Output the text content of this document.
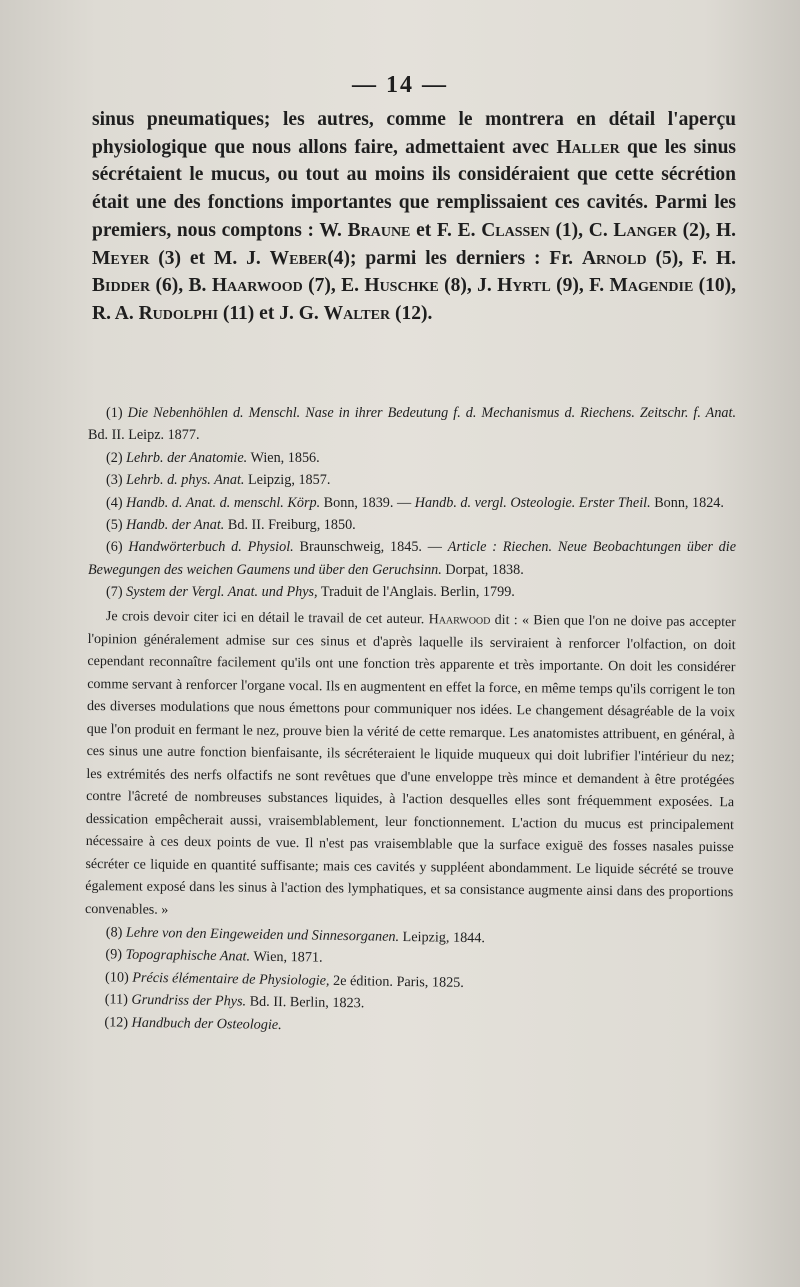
— 14 —

sinus pneumatiques; les autres, comme le montrera en détail l'aperçu physiologique que nous allons faire, admettaient avec Haller que les sinus sécrétaient le mucus, ou tout au moins ils considéraient que cette sécrétion était une des fonctions importantes que remplissaient ces cavités. Parmi les premiers, nous comptons : W. Braune et F. E. Classen (1), C. Langer (2), H. Meyer (3) et M. J. Weber(4); parmi les derniers : Fr. Arnold (5), F. H. Bidder (6), B. Haarwood (7), E. Huschke (8), J. Hyrtl (9), F. Magendie (10), R. A. Rudolphi (11) et J. G. Walter (12).

(1) Die Nebenhöhlen d. Menschl. Nase in ihrer Bedeutung f. d. Mechanismus d. Riechens. Zeitschr. f. Anat. Bd. II. Leipz. 1877.

(2) Lehrb. der Anatomie. Wien, 1856.

(3) Lehrb. d. phys. Anat. Leipzig, 1857.

(4) Handb. d. Anat. d. menschl. Körp. Bonn, 1839. — Handb. d. vergl. Osteologie. Erster Theil. Bonn, 1824.

(5) Handb. der Anat. Bd. II. Freiburg, 1850.

(6) Handwörterbuch d. Physiol. Braunschweig, 1845. — Article : Riechen. Neue Beobachtungen über die Bewegungen des weichen Gaumens und über den Geruchsinn. Dorpat, 1838.

(7) System der Vergl. Anat. und Phys, Traduit de l'Anglais. Berlin, 1799.

Je crois devoir citer ici en détail le travail de cet auteur. Haarwood dit : « Bien que l'on ne doive pas accepter l'opinion généralement admise sur ces sinus et d'après laquelle ils serviraient à renforcer l'olfaction, on doit cependant reconnaître facilement qu'ils ont une fonction très apparente et très importante. On doit les considérer comme servant à renforcer l'organe vocal. Ils en augmentent en effet la force, en même temps qu'ils corrigent le ton des diverses modulations que nous émettons pour communiquer nos idées. Le changement désagréable de la voix que l'on produit en fermant le nez, prouve bien la vérité de cette remarque. Les anatomistes attribuent, en général, à ces sinus une autre fonction bienfaisante, ils sécréteraient le liquide muqueux qui doit lubrifier l'intérieur du nez; les extrémités des nerfs olfactifs ne sont revêtues que d'une enveloppe très mince et demandent à être protégées contre l'âcreté de nombreuses substances liquides, à l'action desquelles elles sont fréquemment exposées. La dessication empêcherait aussi, vraisemblablement, leur fonctionnement. L'action du mucus est principalement nécessaire à ces deux points de vue. Il n'est pas vraisemblable que la surface exiguë des fosses nasales puisse sécréter ce liquide en quantité suffisante; mais ces cavités y suppléent abondamment. Le liquide sécrété se trouve également exposé dans les sinus à l'action des lymphatiques, et sa consistance augmente ainsi dans des proportions convenables. »

(8) Lehre von den Eingeweiden und Sinnesorganen. Leipzig, 1844.

(9) Topographische Anat. Wien, 1871.

(10) Précis élémentaire de Physiologie, 2e édition. Paris, 1825.

(11) Grundriss der Phys. Bd. II. Berlin, 1823.

(12) Handbuch der Osteologie.
